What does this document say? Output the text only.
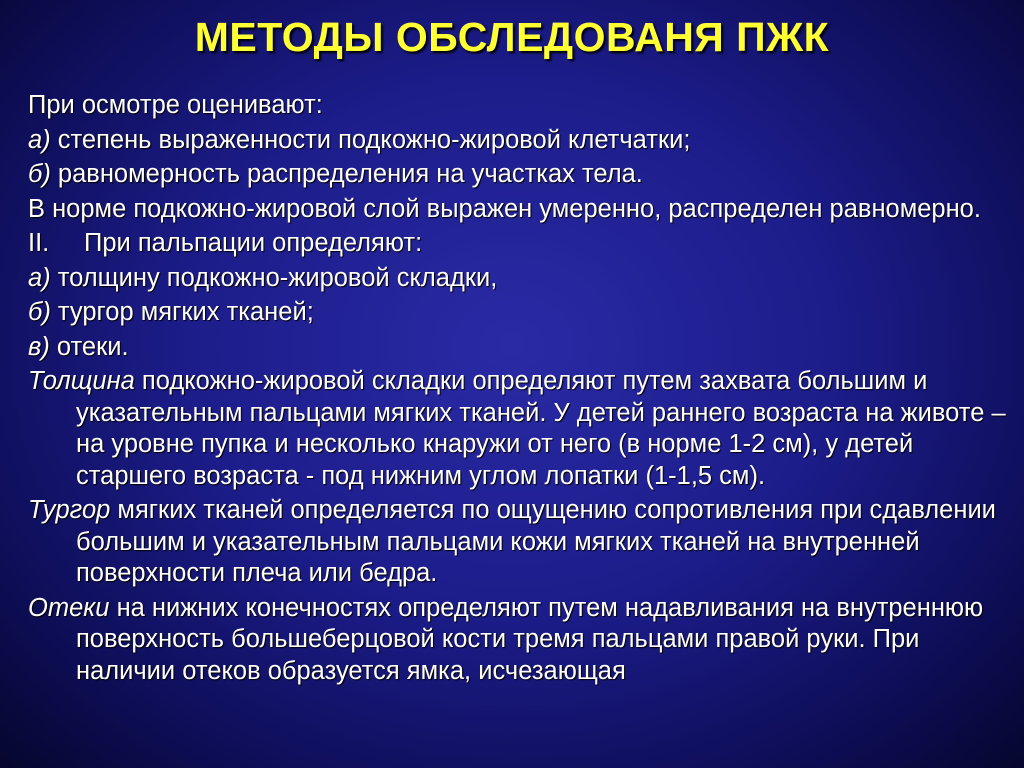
МЕТОДЫ ОБСЛЕДОВАНЯ ПЖК

При осмотре оценивают:

а) степень выраженности подкожно-жировой клетчатки;

б) равномерность распределения на участках тела.

В норме подкожно-жировой слой выражен умеренно, распределен равномерно.

II. При пальпации определяют:

а) толщину подкожно-жировой складки,

б) тургор мягких тканей;

в) отеки.

Толщина подкожно-жировой складки определяют путем захвата большим и указательным пальцами мягких тканей. У детей раннего возраста на животе – на уровне пупка и несколько кнаружи от него (в норме 1-2 см), у детей старшего возраста - под нижним углом лопатки (1-1,5 см).

Тургор мягких тканей определяется по ощущению сопротивления при сдавлении большим и указательным пальцами кожи мягких тканей на внутренней поверхности плеча или бедра.

Отеки на нижних конечностях определяют путем надавливания на внутреннюю поверхность большеберцовой кости тремя пальцами правой руки. При наличии отеков образуется ямка, исчезающая
